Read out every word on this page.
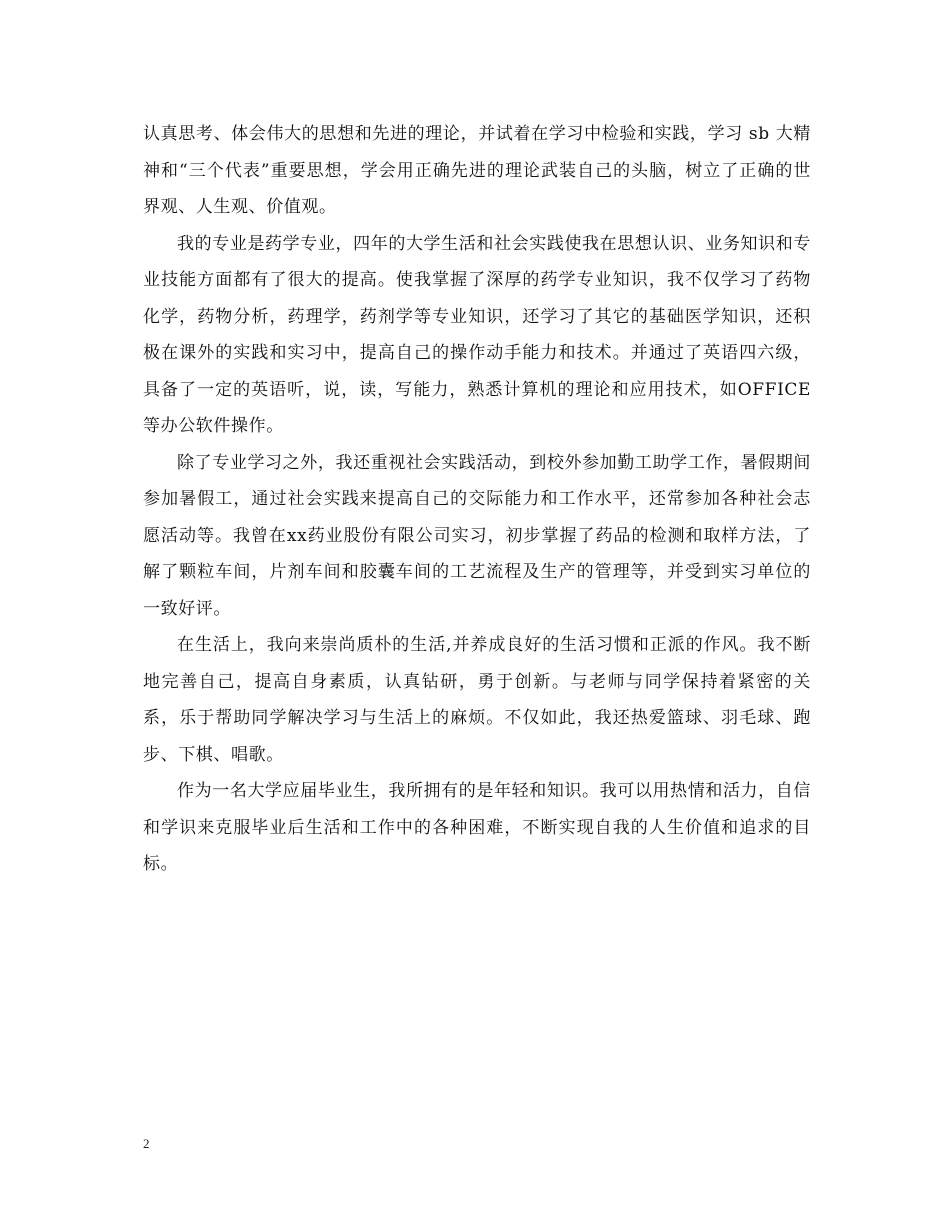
认真思考、体会伟大的思想和先进的理论，并试着在学习中检验和实践，学习 sb 大精神和“三个代表”重要思想，学会用正确先进的理论武装自己的头脑，树立了正确的世界观、人生观、价值观。

我的专业是药学专业，四年的大学生活和社会实践使我在思想认识、业务知识和专业技能方面都有了很大的提高。使我掌握了深厚的药学专业知识，我不仅学习了药物化学，药物分析，药理学，药剂学等专业知识，还学习了其它的基础医学知识，还积极在课外的实践和实习中，提高自己的操作动手能力和技术。并通过了英语四六级，具备了一定的英语听，说，读，写能力，熟悉计算机的理论和应用技术，如OFFICE等办公软件操作。

除了专业学习之外，我还重视社会实践活动，到校外参加勤工助学工作，暑假期间参加暑假工，通过社会实践来提高自己的交际能力和工作水平，还常参加各种社会志愿活动等。我曾在xx药业股份有限公司实习，初步掌握了药品的检测和取样方法，了解了颗粒车间，片剂车间和胶囊车间的工艺流程及生产的管理等，并受到实习单位的一致好评。

在生活上，我向来崇尚质朴的生活,并养成良好的生活习惯和正派的作风。我不断地完善自己，提高自身素质，认真钻研，勇于创新。与老师与同学保持着紧密的关系，乐于帮助同学解决学习与生活上的麻烦。不仅如此，我还热爱篮球、羽毛球、跑步、下棋、唱歌。

作为一名大学应届毕业生，我所拥有的是年轻和知识。我可以用热情和活力，自信和学识来克服毕业后生活和工作中的各种困难，不断实现自我的人生价值和追求的目标。

2
